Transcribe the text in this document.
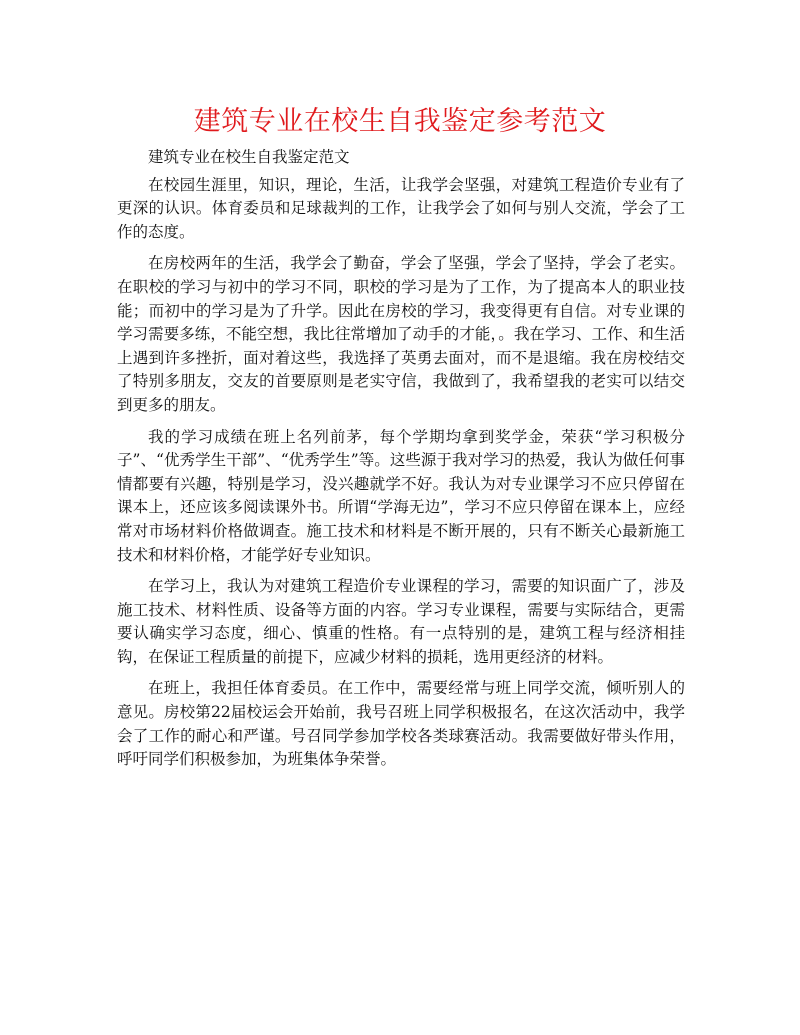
建筑专业在校生自我鉴定参考范文

建筑专业在校生自我鉴定范文

在校园生涯里，知识，理论，生活，让我学会坚强，对建筑工程造价专业有了更深的认识。体育委员和足球裁判的工作，让我学会了如何与别人交流，学会了工作的态度。

在房校两年的生活，我学会了勤奋，学会了坚强，学会了坚持，学会了老实。在职校的学习与初中的学习不同，职校的学习是为了工作，为了提高本人的职业技能；而初中的学习是为了升学。因此在房校的学习，我变得更有自信。对专业课的学习需要多练，不能空想，我比往常增加了动手的才能，。我在学习、工作、和生活上遇到许多挫折，面对着这些，我选择了英勇去面对，而不是退缩。我在房校结交了特别多朋友，交友的首要原则是老实守信，我做到了，我希望我的老实可以结交到更多的朋友。

我的学习成绩在班上名列前茅，每个学期均拿到奖学金，荣获“学习积极分子”、“优秀学生干部”、“优秀学生”等。这些源于我对学习的热爱，我认为做任何事情都要有兴趣，特别是学习，没兴趣就学不好。我认为对专业课学习不应只停留在课本上，还应该多阅读课外书。所谓“学海无边”，学习不应只停留在课本上，应经常对市场材料价格做调查。施工技术和材料是不断开展的，只有不断关心最新施工技术和材料价格，才能学好专业知识。

在学习上，我认为对建筑工程造价专业课程的学习，需要的知识面广了，涉及施工技术、材料性质、设备等方面的内容。学习专业课程，需要与实际结合，更需要认确实学习态度，细心、慎重的性格。有一点特别的是，建筑工程与经济相挂钩，在保证工程质量的前提下，应减少材料的损耗，选用更经济的材料。

在班上，我担任体育委员。在工作中，需要经常与班上同学交流，倾听别人的意见。房校第22届校运会开始前，我号召班上同学积极报名，在这次活动中，我学会了工作的耐心和严谨。号召同学参加学校各类球赛活动。我需要做好带头作用，呼吁同学们积极参加，为班集体争荣誉。
